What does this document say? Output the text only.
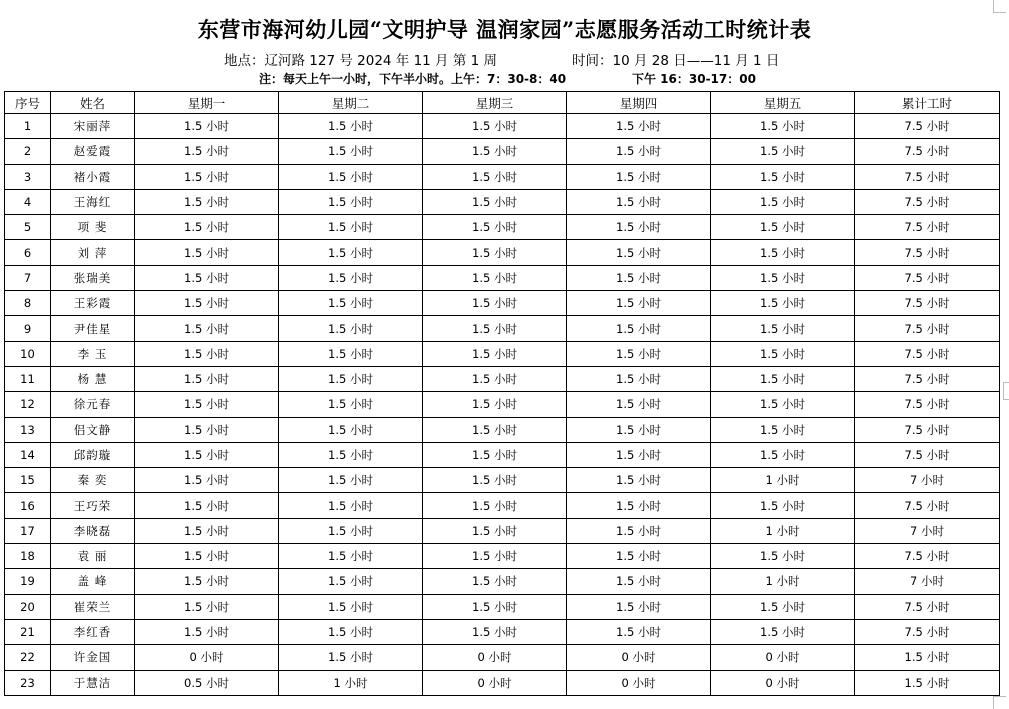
东营市海河幼儿园“文明护导 温润家园”志愿服务活动工时统计表
地点：辽河路 127 号 2024 年 11 月 第 1 周	时间：10 月 28 日——11 月 1 日
注：每天上午一小时，下午半小时。上午：7：30-8：40	下午 16：30-17：00
序号	姓名	星期一	星期二	星期三	星期四	星期五	累计工时
1	宋丽萍	1.5 小时	1.5 小时	1.5 小时	1.5 小时	1.5 小时	7.5 小时
2	赵爱霞	1.5 小时	1.5 小时	1.5 小时	1.5 小时	1.5 小时	7.5 小时
3	褚小霞	1.5 小时	1.5 小时	1.5 小时	1.5 小时	1.5 小时	7.5 小时
4	王海红	1.5 小时	1.5 小时	1.5 小时	1.5 小时	1.5 小时	7.5 小时
5	项 斐	1.5 小时	1.5 小时	1.5 小时	1.5 小时	1.5 小时	7.5 小时
6	刘 萍	1.5 小时	1.5 小时	1.5 小时	1.5 小时	1.5 小时	7.5 小时
7	张瑞美	1.5 小时	1.5 小时	1.5 小时	1.5 小时	1.5 小时	7.5 小时
8	王彩霞	1.5 小时	1.5 小时	1.5 小时	1.5 小时	1.5 小时	7.5 小时
9	尹佳星	1.5 小时	1.5 小时	1.5 小时	1.5 小时	1.5 小时	7.5 小时
10	李 玉	1.5 小时	1.5 小时	1.5 小时	1.5 小时	1.5 小时	7.5 小时
11	杨 慧	1.5 小时	1.5 小时	1.5 小时	1.5 小时	1.5 小时	7.5 小时
12	徐元春	1.5 小时	1.5 小时	1.5 小时	1.5 小时	1.5 小时	7.5 小时
13	侣文静	1.5 小时	1.5 小时	1.5 小时	1.5 小时	1.5 小时	7.5 小时
14	邱韵璇	1.5 小时	1.5 小时	1.5 小时	1.5 小时	1.5 小时	7.5 小时
15	秦 奕	1.5 小时	1.5 小时	1.5 小时	1.5 小时	1 小时	7 小时
16	王巧荣	1.5 小时	1.5 小时	1.5 小时	1.5 小时	1.5 小时	7.5 小时
17	李晓磊	1.5 小时	1.5 小时	1.5 小时	1.5 小时	1 小时	7 小时
18	袁 丽	1.5 小时	1.5 小时	1.5 小时	1.5 小时	1.5 小时	7.5 小时
19	盖 峰	1.5 小时	1.5 小时	1.5 小时	1.5 小时	1 小时	7 小时
20	崔荣兰	1.5 小时	1.5 小时	1.5 小时	1.5 小时	1.5 小时	7.5 小时
21	李红香	1.5 小时	1.5 小时	1.5 小时	1.5 小时	1.5 小时	7.5 小时
22	许金国	0 小时	1.5 小时	0 小时	0 小时	0 小时	1.5 小时
23	于慧洁	0.5 小时	1 小时	0 小时	0 小时	0 小时	1.5 小时
